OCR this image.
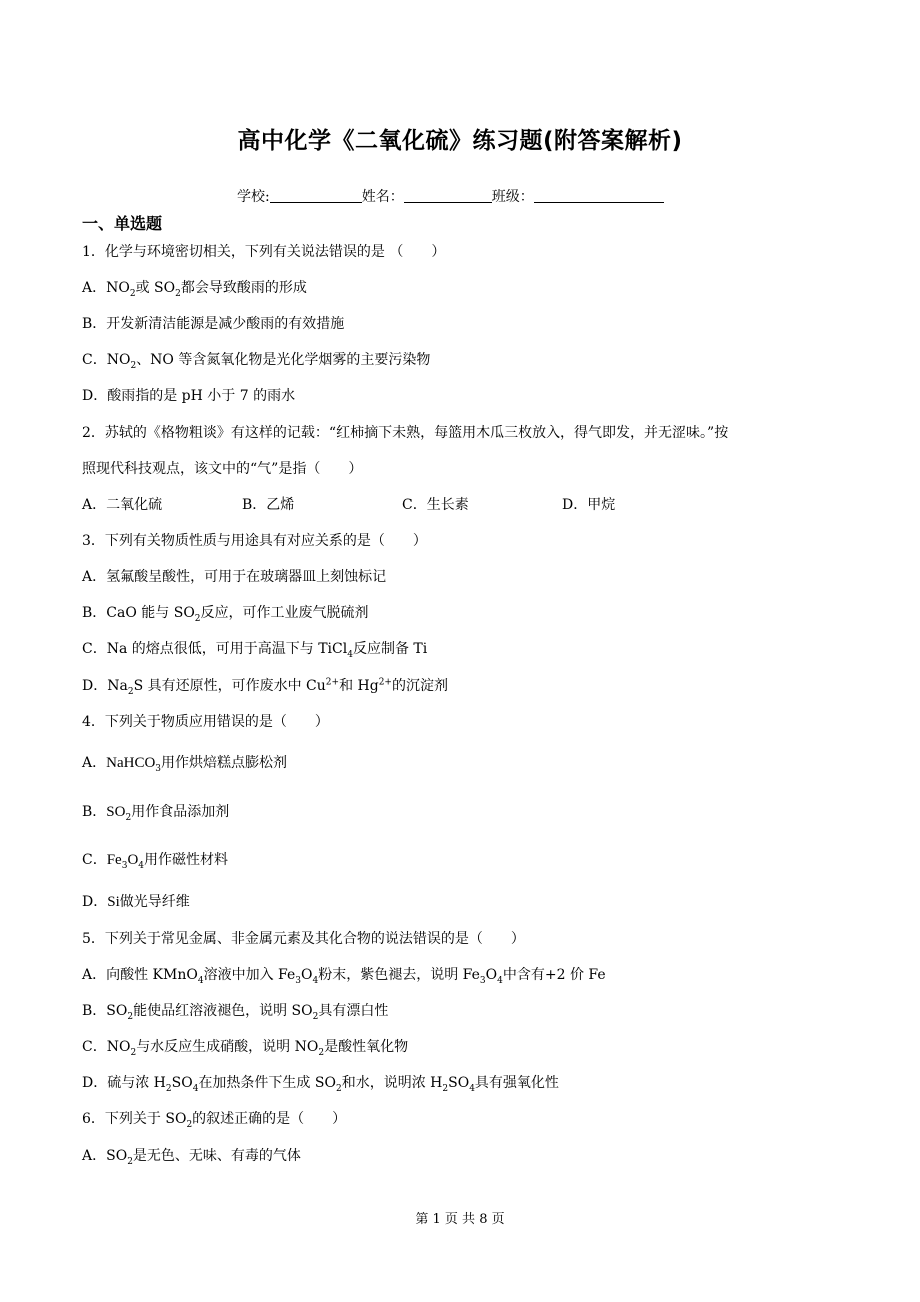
高中化学《二氧化硫》练习题(附答案解析)
学校:	姓名：	班级：
一、单选题
1．化学与环境密切相关，下列有关说法错误的是 （　　）
A．$NO_2$或 $SO_2$都会导致酸雨的形成
B．开发新清洁能源是减少酸雨的有效措施
C．$NO_2$、NO 等含氮氧化物是光化学烟雾的主要污染物
D．酸雨指的是 pH 小于 7 的雨水
2．苏轼的《格物粗谈》有这样的记载：“红柿摘下未熟，每篮用木瓜三枚放入，得气即发，并无涩味。”按
照现代科技观点，该文中的“气”是指（　　）
A．二氧化硫	B．乙烯	C．生长素	D．甲烷
3．下列有关物质性质与用途具有对应关系的是（　　）
A．氢氟酸呈酸性，可用于在玻璃器皿上刻蚀标记
B．CaO 能与 $SO_2$反应，可作工业废气脱硫剂
C．Na 的熔点很低，可用于高温下与 TiCl$_4$反应制备 Ti
D．$Na_2S$ 具有还原性，可作废水中 $Cu^{2+}$和 $Hg^{2+}$的沉淀剂
4．下列关于物质应用错误的是（　　）
A．NaHCO$_3$用作烘焙糕点膨松剂
B．$SO_2$用作食品添加剂
C．$Fe_3O_4$用作磁性材料
D．Si做光导纤维
5．下列关于常见金属、非金属元素及其化合物的说法错误的是（　　）
A．向酸性 KMnO$_4$溶液中加入 $Fe_3O_4$粉末，紫色褪去，说明 $Fe_3O_4$中含有+2 价 Fe
B．$SO_2$能使品红溶液褪色，说明 $SO_2$具有漂白性
C．$NO_2$与水反应生成硝酸，说明 $NO_2$是酸性氧化物
D．硫与浓 $H_2SO_4$在加热条件下生成 $SO_2$和水，说明浓 $H_2SO_4$具有强氧化性
6．下列关于 $SO_2$的叙述正确的是（　　）
A．$SO_2$是无色、无味、有毒的气体
第 1 页 共 8 页
